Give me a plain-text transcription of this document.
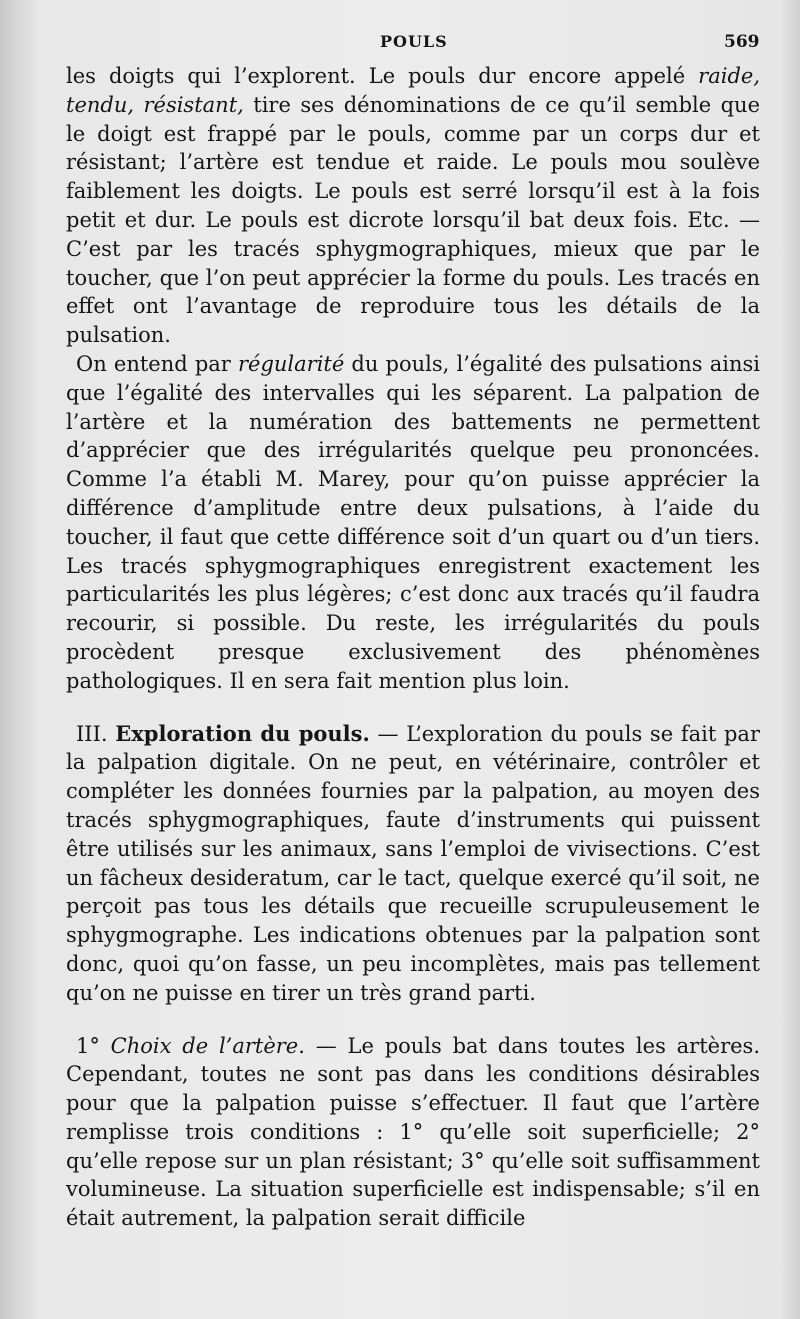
POULS	569

les doigts qui l’explorent. Le pouls dur encore appelé raide, tendu, résistant, tire ses dénominations de ce qu’il semble que le doigt est frappé par le pouls, comme par un corps dur et résistant; l’artère est tendue et raide. Le pouls mou soulève faiblement les doigts. Le pouls est serré lorsqu’il est à la fois petit et dur. Le pouls est dicrote lorsqu’il bat deux fois. Etc. —C’est par les tracés sphygmographiques, mieux que par le toucher, que l’on peut apprécier la forme du pouls. Les tracés en effet ont l’avantage de reproduire tous les détails de la pulsation.

On entend par régularité du pouls, l’égalité des pulsations ainsi que l’égalité des intervalles qui les séparent. La palpation de l’artère et la numération des battements ne permettent d’apprécier que des irrégularités quelque peu prononcées. Comme l’a établi M. Marey, pour qu’on puisse apprécier la différence d’amplitude entre deux pulsations, à l’aide du toucher, il faut que cette différence soit d’un quart ou d’un tiers. Les tracés sphygmographiques enregistrent exactement les particularités les plus légères; c’est donc aux tracés qu’il faudra recourir, si possible. Du reste, les irrégularités du pouls procèdent presque exclusivement des phénomènes pathologiques. Il en sera fait mention plus loin.

III. Exploration du pouls. — L’exploration du pouls se fait par la palpation digitale. On ne peut, en vétérinaire, contrôler et compléter les données fournies par la palpation, au moyen des tracés sphygmographiques, faute d’instruments qui puissent être utilisés sur les animaux, sans l’emploi de vivisections. C’est un fâcheux desideratum, car le tact, quelque exercé qu’il soit, ne perçoit pas tous les détails que recueille scrupuleusement le sphygmographe. Les indications obtenues par la palpation sont donc, quoi qu’on fasse, un peu incomplètes, mais pas tellement qu’on ne puisse en tirer un très grand parti.

1° Choix de l’artère. — Le pouls bat dans toutes les artères. Cependant, toutes ne sont pas dans les conditions désirables pour que la palpation puisse s’effectuer. Il faut que l’artère remplisse trois conditions : 1° qu’elle soit superficielle; 2° qu’elle repose sur un plan résistant; 3° qu’elle soit suffisamment volumineuse. La situation superficielle est indispensable; s’il en était autrement, la palpation serait difficile
